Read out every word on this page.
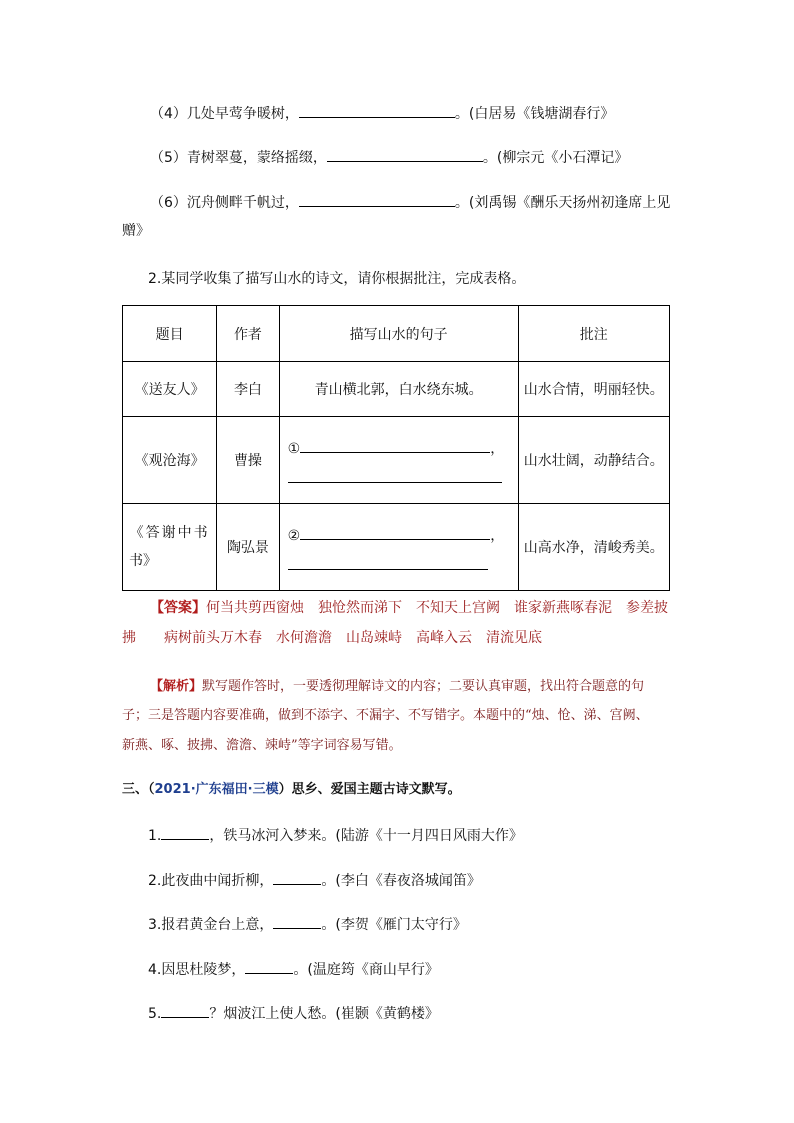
（4）几处早莺争暖树，	。(白居易《钱塘湖春行》
（5）青树翠蔓，蒙络摇缀，	。(柳宗元《小石潭记》
（6）沉舟侧畔千帆过，	。(刘禹锡《酬乐天扬州初逢席上见
赠》
2.某同学收集了描写山水的诗文，请你根据批注，完成表格。
题目	作者	描写山水的句子	批注
《送友人》	李白	青山横北郭，白水绕东城。	山水合情，明丽轻快。
《观沧海》	曹操	① ，	山水壮阔，动静结合。

《答谢中书
书》	陶弘景	② ，	山高水净，清峻秀美。
【答案】何当共剪西窗烛　独怆然而涕下　不知天上宫阙　谁家新燕啄春泥　参差披
拂　　病树前头万木春　水何澹澹　山岛竦峙　高峰入云　清流见底
【解析】默写题作答时，一要透彻理解诗文的内容；二要认真审题，找出符合题意的句
子；三是答题内容要准确，做到不添字、不漏字、不写错字。本题中的“烛、怆、涕、宫阙、
新燕、啄、披拂、澹澹、竦峙”等字词容易写错。
三、（2021·广东福田·三模）思乡、爱国主题古诗文默写。
1.	，铁马冰河入梦来。(陆游《十一月四日风雨大作》
2.此夜曲中闻折柳，	。(李白《春夜洛城闻笛》
3.报君黄金台上意，	。(李贺《雁门太守行》
4.因思杜陵梦，	。(温庭筠《商山早行》
5.	？烟波江上使人愁。(崔颢《黄鹤楼》
